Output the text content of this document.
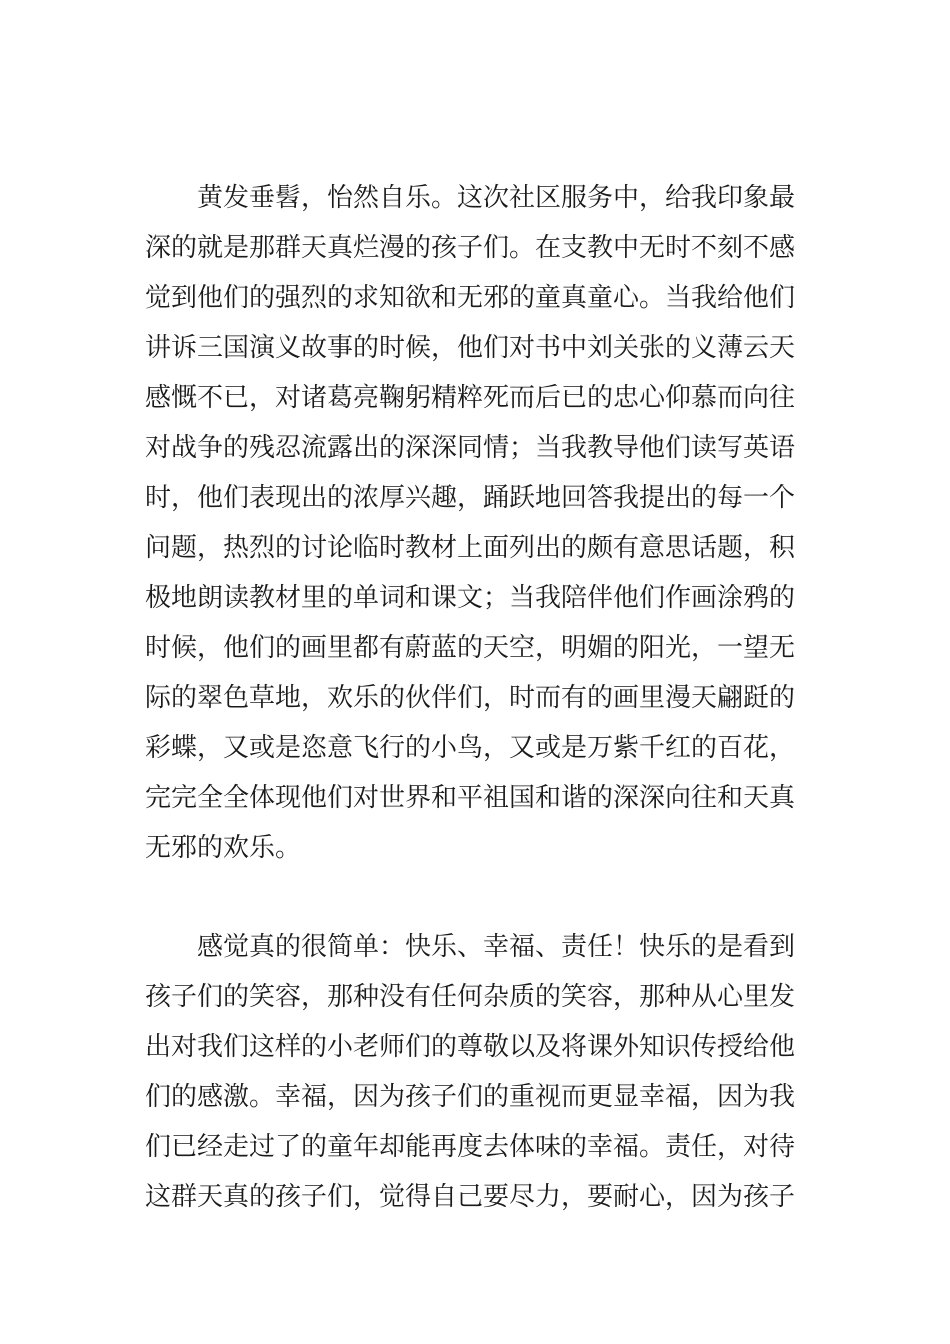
黄发垂髫，怡然自乐。这次社区服务中，给我印象最
深的就是那群天真烂漫的孩子们。在支教中无时不刻不感
觉到他们的强烈的求知欲和无邪的童真童心。当我给他们
讲诉三国演义故事的时候，他们对书中刘关张的义薄云天
感慨不已，对诸葛亮鞠躬精粹死而后已的忠心仰慕而向往
对战争的残忍流露出的深深同情；当我教导他们读写英语
时，他们表现出的浓厚兴趣，踊跃地回答我提出的每一个
问题，热烈的讨论临时教材上面列出的颇有意思话题，积
极地朗读教材里的单词和课文；当我陪伴他们作画涂鸦的
时候，他们的画里都有蔚蓝的天空，明媚的阳光，一望无
际的翠色草地，欢乐的伙伴们，时而有的画里漫天翩跹的
彩蝶，又或是恣意飞行的小鸟，又或是万紫千红的百花，
完完全全体现他们对世界和平祖国和谐的深深向往和天真
无邪的欢乐。
感觉真的很简单：快乐、幸福、责任！快乐的是看到
孩子们的笑容，那种没有任何杂质的笑容，那种从心里发
出对我们这样的小老师们的尊敬以及将课外知识传授给他
们的感激。幸福，因为孩子们的重视而更显幸福，因为我
们已经走过了的童年却能再度去体味的幸福。责任，对待
这群天真的孩子们，觉得自己要尽力，要耐心，因为孩子
